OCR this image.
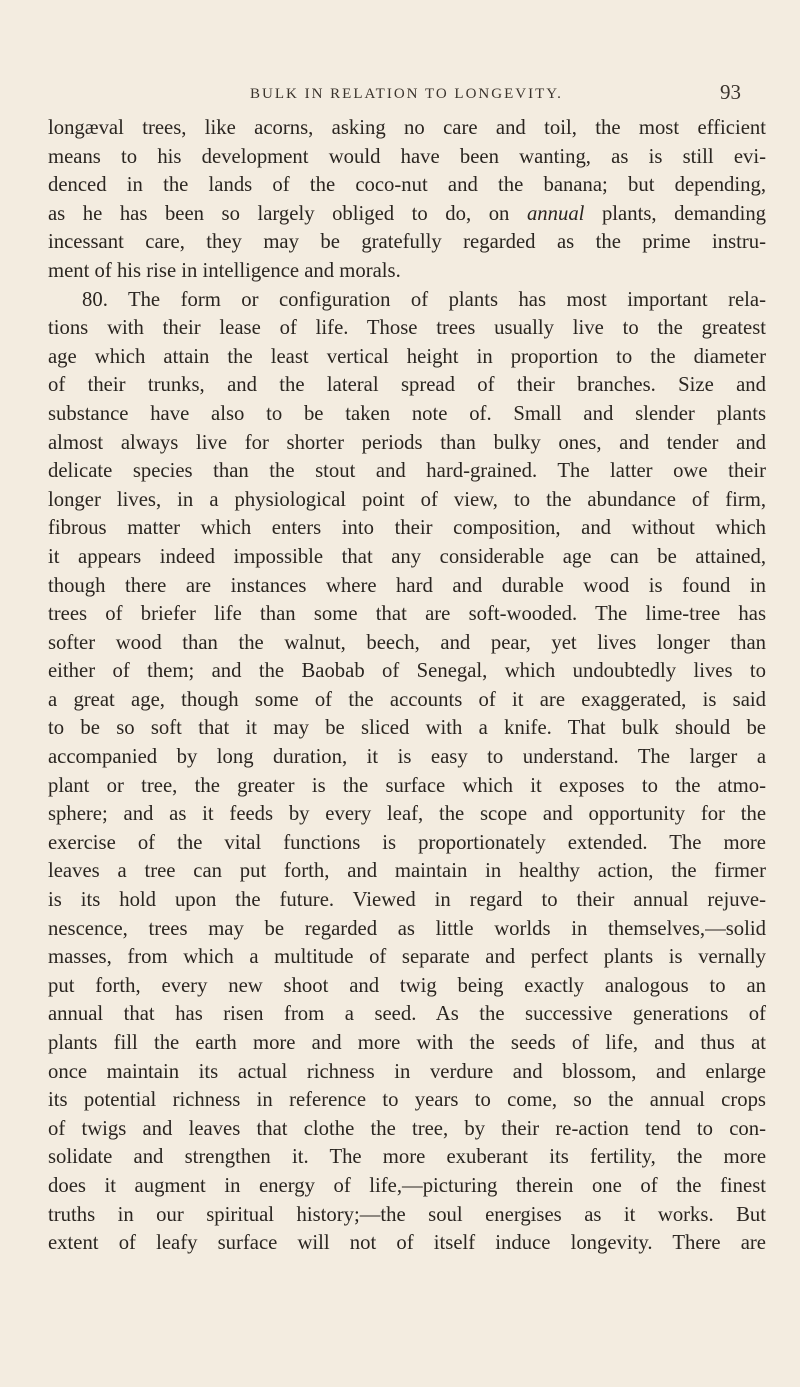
BULK IN RELATION TO LONGEVITY.	93
longæval trees, like acorns, asking no care and toil, the most efficient
means to his development would have been wanting, as is still evi-
denced in the lands of the coco-nut and the banana; but depending,
as he has been so largely obliged to do, on annual plants, demanding
incessant care, they may be gratefully regarded as the prime instru-
ment of his rise in intelligence and morals.
80. The form or configuration of plants has most important rela-
tions with their lease of life. Those trees usually live to the greatest
age which attain the least vertical height in proportion to the diameter
of their trunks, and the lateral spread of their branches. Size and
substance have also to be taken note of. Small and slender plants
almost always live for shorter periods than bulky ones, and tender and
delicate species than the stout and hard-grained. The latter owe their
longer lives, in a physiological point of view, to the abundance of firm,
fibrous matter which enters into their composition, and without which
it appears indeed impossible that any considerable age can be attained,
though there are instances where hard and durable wood is found in
trees of briefer life than some that are soft-wooded. The lime-tree has
softer wood than the walnut, beech, and pear, yet lives longer than
either of them; and the Baobab of Senegal, which undoubtedly lives to
a great age, though some of the accounts of it are exaggerated, is said
to be so soft that it may be sliced with a knife. That bulk should be
accompanied by long duration, it is easy to understand. The larger a
plant or tree, the greater is the surface which it exposes to the atmo-
sphere; and as it feeds by every leaf, the scope and opportunity for the
exercise of the vital functions is proportionately extended. The more
leaves a tree can put forth, and maintain in healthy action, the firmer
is its hold upon the future. Viewed in regard to their annual rejuve-
nescence, trees may be regarded as little worlds in themselves,—solid
masses, from which a multitude of separate and perfect plants is vernally
put forth, every new shoot and twig being exactly analogous to an
annual that has risen from a seed. As the successive generations of
plants fill the earth more and more with the seeds of life, and thus at
once maintain its actual richness in verdure and blossom, and enlarge
its potential richness in reference to years to come, so the annual crops
of twigs and leaves that clothe the tree, by their re-action tend to con-
solidate and strengthen it. The more exuberant its fertility, the more
does it augment in energy of life,—picturing therein one of the finest
truths in our spiritual history;—the soul energises as it works. But
extent of leafy surface will not of itself induce longevity. There are
